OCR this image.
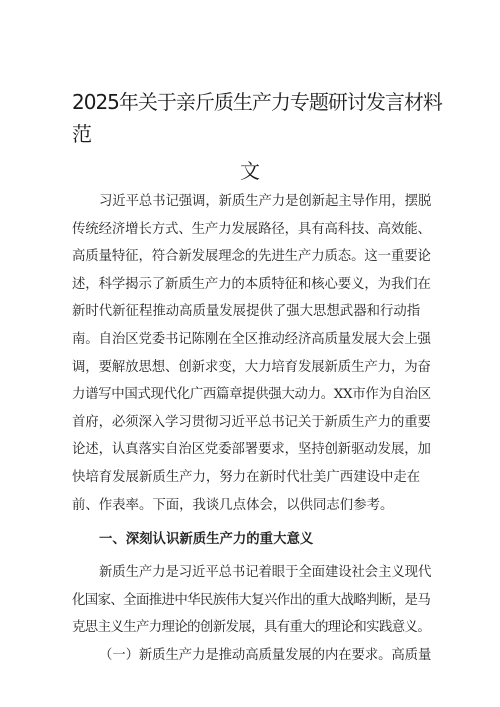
2025年关于亲斤质生产力专题研讨发言材料
范
文
习近平总书记强调，新质生产力是创新起主导作用，摆脱
传统经济增长方式、生产力发展路径，具有高科技、高效能、
高质量特征，符合新发展理念的先进生产力质态。这一重要论
述，科学揭示了新质生产力的本质特征和核心要义，为我们在
新时代新征程推动高质量发展提供了强大思想武器和行动指
南。自治区党委书记陈刚在全区推动经济高质量发展大会上强
调，要解放思想、创新求变，大力培育发展新质生产力，为奋
力谱写中国式现代化广西篇章提供强大动力。XX市作为自治区
首府，必须深入学习贯彻习近平总书记关于新质生产力的重要
论述，认真落实自治区党委部署要求，坚持创新驱动发展，加
快培育发展新质生产力，努力在新时代壮美广西建设中走在
前、作表率。下面，我谈几点体会，以供同志们参考。
一、深刻认识新质生产力的重大意义
新质生产力是习近平总书记着眼于全面建设社会主义现代
化国家、全面推进中华民族伟大复兴作出的重大战略判断，是马
克思主义生产力理论的创新发展，具有重大的理论和实践意义。
（一）新质生产力是推动高质量发展的内在要求。高质量
